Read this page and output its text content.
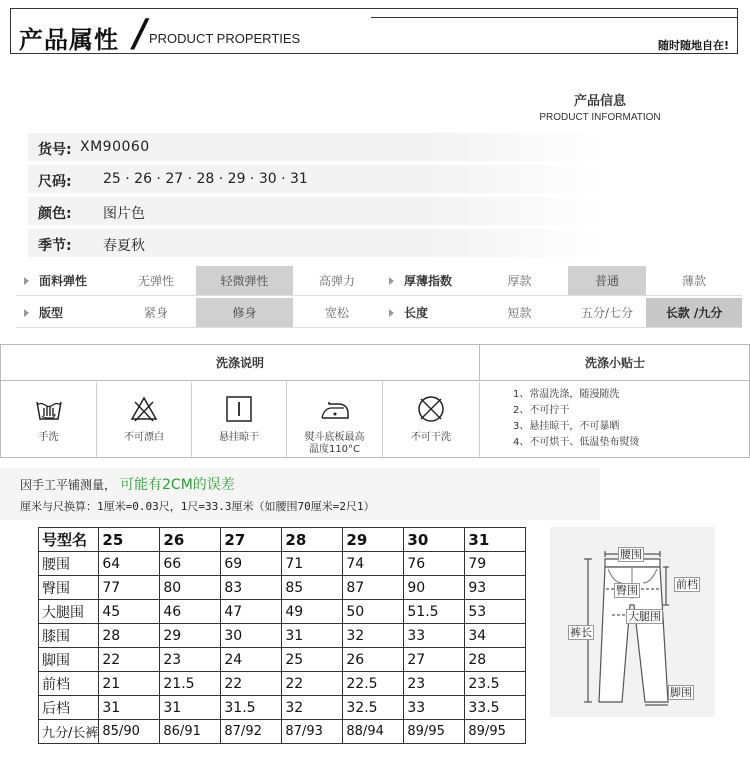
产品属性 /
PRODUCT PROPERTIES	随时随地自在!
产品信息
PRODUCT INFORMATION
货号: XM90060
尺码: 25 · 26 · 27 · 28 · 29 · 30 · 31
颜色: 图片色
季节: 春夏秋
面料弹性	无弹性	轻微弹性	高弹力	厚薄指数	厚款	普通	薄款
版型	紧身	修身	宽松	长度	短款	五分/七分	长款 /九分
洗涤说明	洗涤小贴士
手洗	不可漂白	悬挂晾干	熨斗底板最高
温度110°C
不可干洗
1、常温洗涤，随漫随洗
2、不可拧干
3、悬挂晾干，不可暴晒
4、不可烘干、低温垫布熨烫
因手工平铺测量， 可能有2CM的误差
厘米与尺换算：1厘米=0.03尺，1尺=33.3厘米（如腰围70厘米=2尺1）
号型名	25	26	27	28	29	30	31
腰围	64	66	69	71	74	76	79
臀围	77	80	83	85	87	90	93
大腿围	45	46	47	49	50	51.5	53
膝围	28	29	30	31	32	33	34
脚围	22	23	24	25	26	27	28
前档	21	21.5	22	22	22.5	23	23.5
后档	31	31	31.5	32	32.5	33	33.5
九分/长裤	85/90	86/91	87/92	87/93	88/94	89/95	89/95
腰围
臀围	前档
大腿围
裤长
脚围
